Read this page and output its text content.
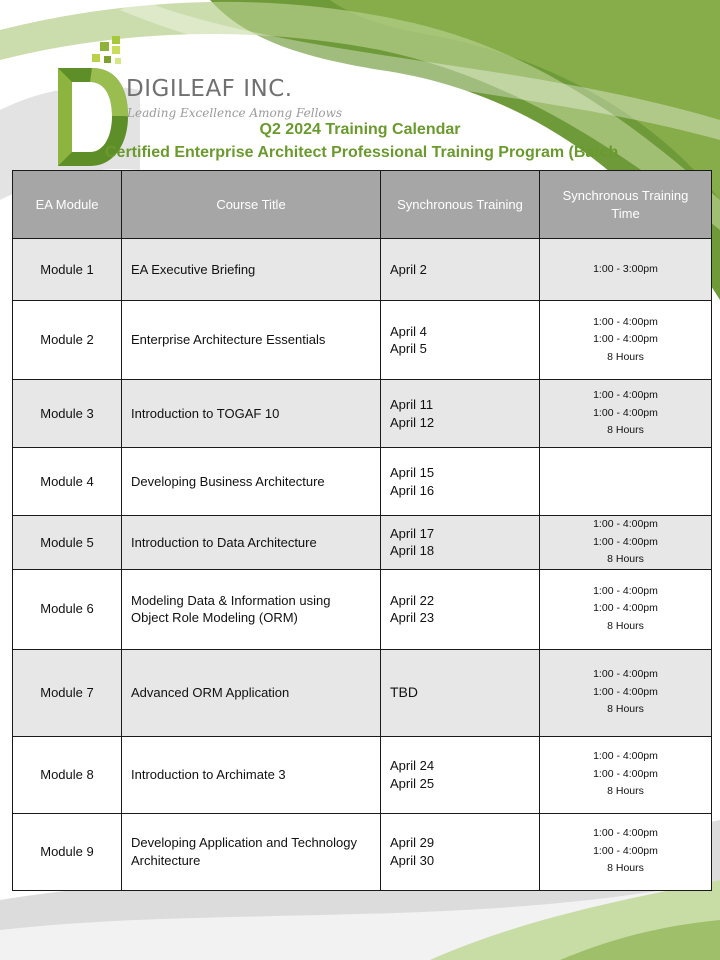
DIGILEAF INC.
Leading Excellence Among Fellows
Q2 2024 Training Calendar
Certified Enterprise Architect Professional Training Program (Batch
EA Module	Course Title	Synchronous Training	Synchronous Training Time
Module 1	EA Executive Briefing	April 2	1:00 - 3:00pm

Module 2	Enterprise Architecture Essentials	April 4
April 5	1:00 - 4:00pm
1:00 - 4:00pm
8 Hours

Module 3	Introduction to TOGAF 10	April 11
April 12	1:00 - 4:00pm
1:00 - 4:00pm
8 Hours

Module 4	Developing Business Architecture	April 15
April 16	

Module 5	Introduction to Data Architecture	April 17
April 18	1:00 - 4:00pm
1:00 - 4:00pm
8 Hours

Module 6	Modeling Data & Information using Object Role Modeling (ORM)	April 22
April 23	1:00 - 4:00pm
1:00 - 4:00pm
8 Hours

Module 7	Advanced ORM Application	TBD	1:00 - 4:00pm
1:00 - 4:00pm
8 Hours

Module 8	Introduction to Archimate 3	April 24
April 25	1:00 - 4:00pm
1:00 - 4:00pm
8 Hours

Module 9	Developing Application and Technology Architecture	April 29
April 30	1:00 - 4:00pm
1:00 - 4:00pm
8 Hours
